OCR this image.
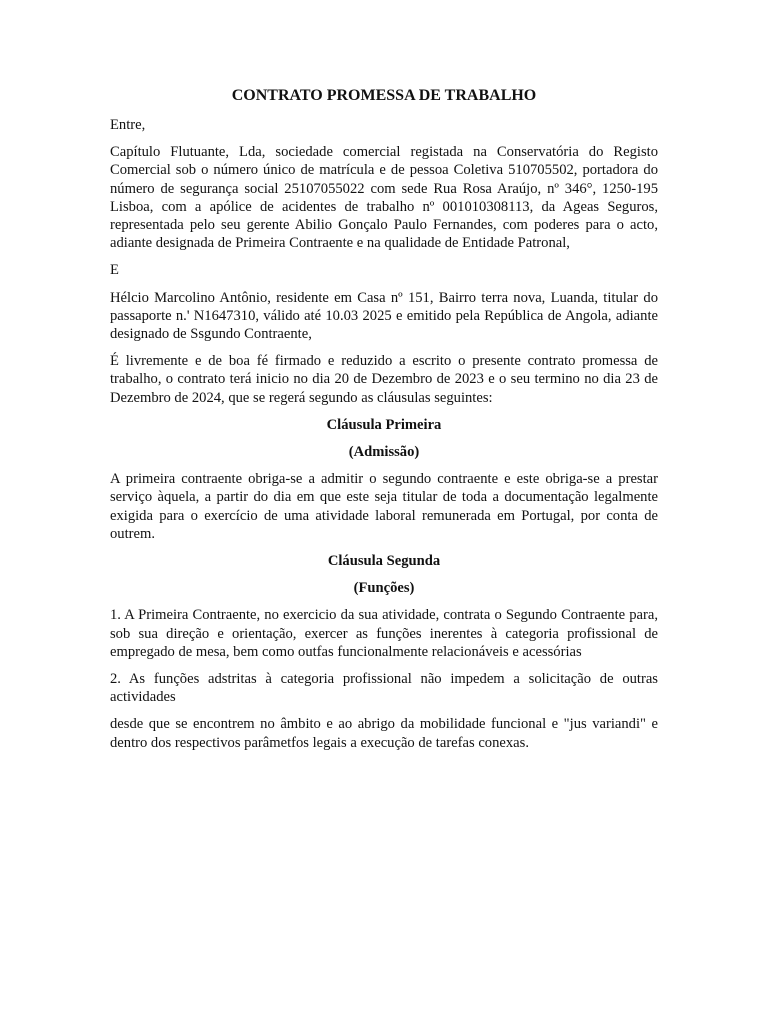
CONTRATO PROMESSA DE TRABALHO

Entre,

Capítulo Flutuante, Lda, sociedade comercial registada na Conservatória do Registo Comercial sob o número único de matrícula e de pessoa Coletiva 510705502, portadora do número de segurança social 25107055022 com sede Rua Rosa Araújo, nº 346°, 1250-195 Lisboa, com a apólice de acidentes de trabalho nº 001010308113, da Ageas Seguros, representada pelo seu gerente Abilio Gonçalo Paulo Fernandes, com poderes para o acto, adiante designada de Primeira Contraente e na qualidade de Entidade Patronal,

E

Hélcio Marcolino Antônio, residente em Casa nº 151, Bairro terra nova, Luanda, titular do passaporte n.' N1647310, válido até 10.03 2025 e emitido pela República de Angola, adiante designado de Ssgundo Contraente,

É livremente e de boa fé firmado e reduzido a escrito o presente contrato promessa de trabalho, o contrato terá inicio no dia 20 de Dezembro de 2023 e o seu termino no dia 23 de Dezembro de 2024, que se regerá segundo as cláusulas seguintes:

Cláusula Primeira
(Admissão)

A primeira contraente obriga-se a admitir o segundo contraente e este obriga-se a prestar serviço àquela, a partir do dia em que este seja titular de toda a documentação legalmente exigida para o exercício de uma atividade laboral remunerada em Portugal, por conta de outrem.

Cláusula Segunda
(Funções)

1. A Primeira Contraente, no exercicio da sua atividade, contrata o Segundo Contraente para, sob sua direção e orientação, exercer as funções inerentes à categoria profissional de empregado de mesa, bem como outfas funcionalmente relacionáveis e acessórias

2. As funções adstritas à categoria profissional não impedem a solicitação de outras actividades

desde que se encontrem no âmbito e ao abrigo da mobilidade funcional e "jus variandi" e dentro dos respectivos parâmetfos legais a execução de tarefas conexas.
